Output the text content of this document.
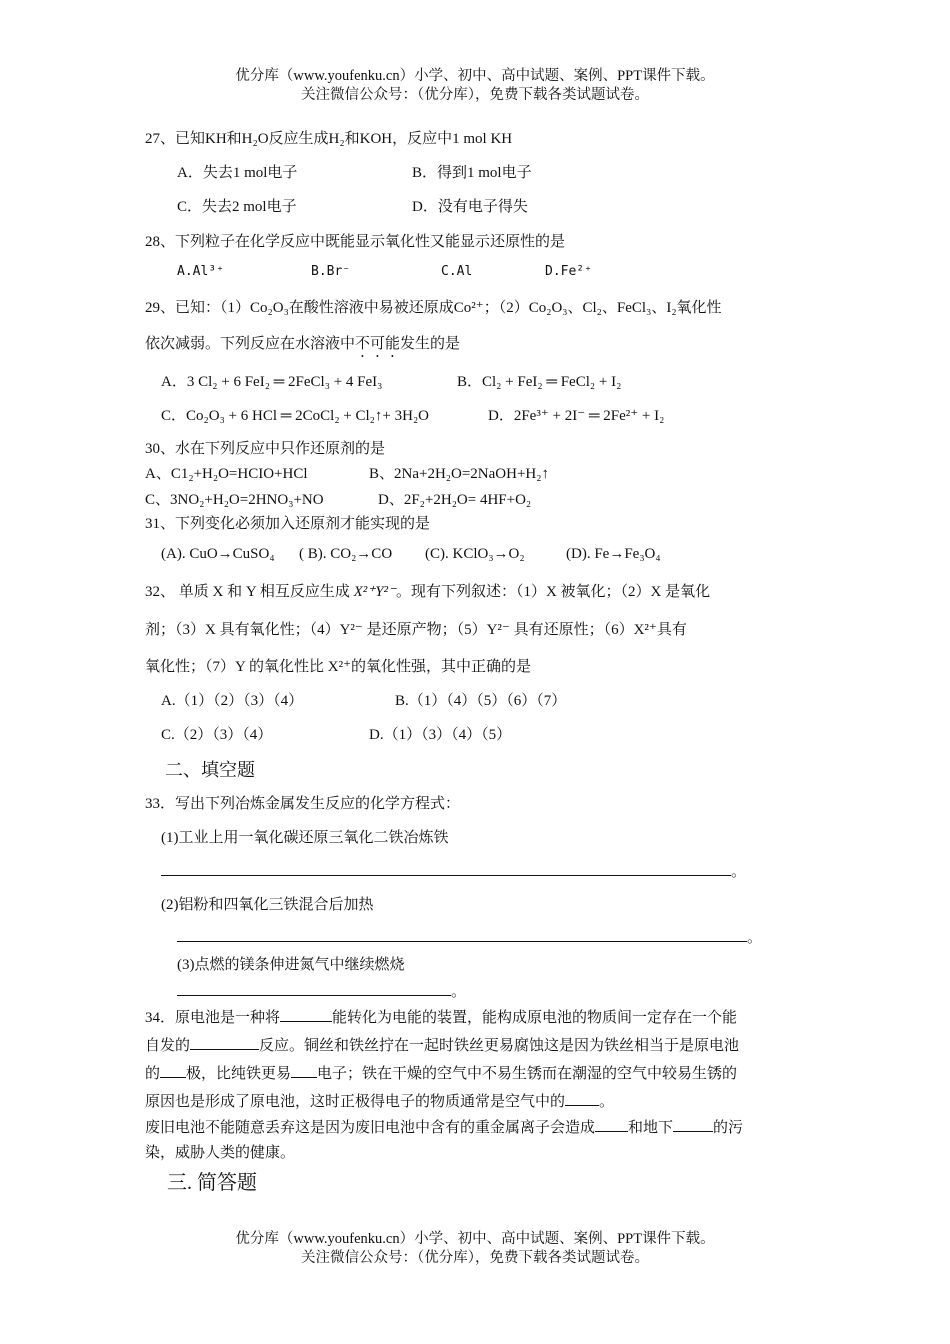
优分库（www.youfenku.cn）小学、初中、高中试题、案例、PPT课件下载。
关注微信公众号：（优分库），免费下载各类试题试卷。
27、已知KH和H₂O反应生成H₂和KOH，反应中1 mol KH
A．失去1 mol电子	B．得到1 mol电子
C．失去2 mol电子	D．没有电子得失
28、下列粒子在化学反应中既能显示氧化性又能显示还原性的是
A.Al³⁺	B.Br⁻	C.Al	D.Fe²⁺
29、已知：（1）Co₂O₃在酸性溶液中易被还原成Co²⁺；（2）Co₂O₃、Cl₂、FeCl₃、I₂氧化性
依次减弱。下列反应在水溶液中不可能发生的是
A．3 Cl₂ + 6 FeI₂ ═ 2FeCl₃ + 4 FeI₃	B．Cl₂ + FeI₂ ═ FeCl₂ + I₂
C．Co₂O₃ + 6 HCl ═ 2CoCl₂ + Cl₂↑+ 3H₂O	D．2Fe³⁺ + 2I⁻ ═ 2Fe²⁺ + I₂
30、水在下列反应中只作还原剂的是
A、C1₂+H₂O=HCIO+HCl	B、2Na+2H₂O=2NaOH+H₂↑
C、3NO₂+H₂O=2HNO₃+NO	D、2F₂+2H₂O= 4HF+O₂
31、下列变化必须加入还原剂才能实现的是
(A). CuO→CuSO₄ ( B). CO₂→CO (C). KClO₃→O₂	(D). Fe→Fe₃O₄
32、 单质 X 和 Y 相互反应生成 X²⁺Y²⁻。现有下列叙述：（1）X 被氧化；（2）X 是氧化
剂；（3）X 具有氧化性；（4）Y²⁻ 是还原产物；（5）Y²⁻ 具有还原性；（6）X²⁺具有
氧化性；（7）Y 的氧化性比 X²⁺的氧化性强，其中正确的是
A.（1）（2）（3）（4）	B.（1）（4）（5）（6）（7）
C.（2）（3）（4）	D.（1）（3）（4）（5）
二、填空题
33．写出下列冶炼金属发生反应的化学方程式：
(1)工业上用一氧化碳还原三氧化二铁冶炼铁
。
(2)铝粉和四氧化三铁混合后加热
。
(3)点燃的镁条伸进氮气中继续燃烧
。
34．原电池是一种将	能转化为电能的装置，能构成原电池的物质间一定存在一个能
自发的	反应。铜丝和铁丝拧在一起时铁丝更易腐蚀这是因为铁丝相当于是原电池
的 极，比纯铁更易 电子；铁在干燥的空气中不易生锈而在潮湿的空气中较易生锈的
原因也是形成了原电池，这时正极得电子的物质通常是空气中的 。
废旧电池不能随意丢弃这是因为废旧电池中含有的重金属离子会造成 和地下	的污
染，威胁人类的健康。
三. 简答题
优分库（www.youfenku.cn）小学、初中、高中试题、案例、PPT课件下载。
关注微信公众号：（优分库），免费下载各类试题试卷。
